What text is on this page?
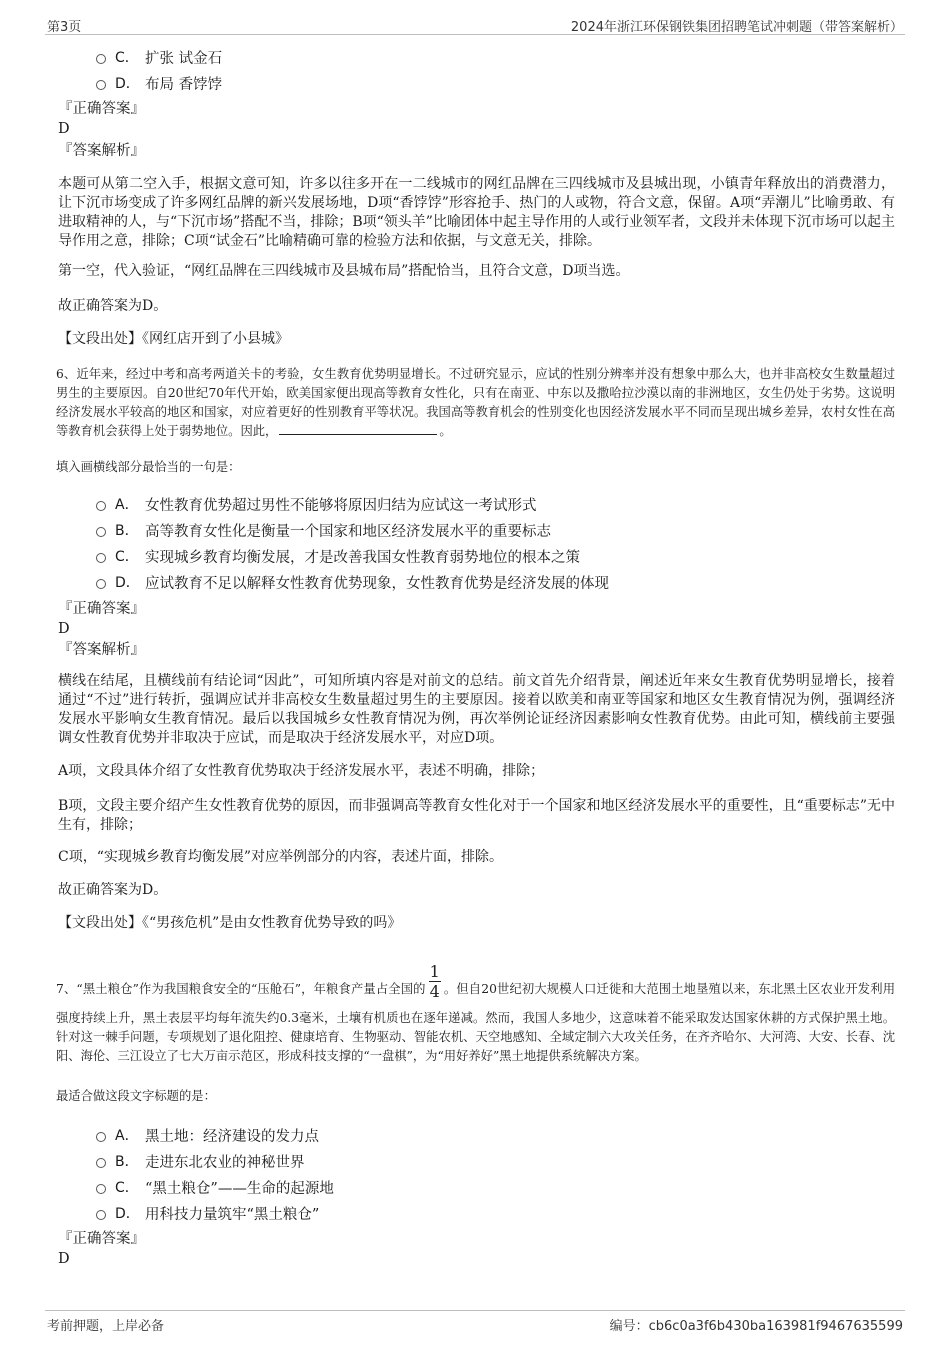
第3页	2024年浙江环保钢铁集团招聘笔试冲刺题（带答案解析）
C． 扩张 试金石
D． 布局 香饽饽
『正确答案』
D
『答案解析』
本题可从第二空入手，根据文意可知，许多以往多开在一二线城市的网红品牌在三四线城市及县城出现，小镇青年释放出的消费潜力，让下沉市场变成了许多网红品牌的新兴发展场地，D项“香饽饽”形容抢手、热门的人或物，符合文意，保留。A项“弄潮儿”比喻勇敢、有进取精神的人，与“下沉市场”搭配不当，排除；B项“领头羊”比喻团体中起主导作用的人或行业领军者，文段并未体现下沉市场可以起主导作用之意，排除；C项“试金石”比喻精确可靠的检验方法和依据，与文意无关，排除。
第一空，代入验证，“网红品牌在三四线城市及县城布局”搭配恰当，且符合文意，D项当选。
故正确答案为D。
【文段出处】《网红店开到了小县城》
6、近年来，经过中考和高考两道关卡的考验，女生教育优势明显增长。不过研究显示，应试的性别分辨率并没有想象中那么大，也并非高校女生数量超过男生的主要原因。自20世纪70年代开始，欧美国家便出现高等教育女性化，只有在南亚、中东以及撒哈拉沙漠以南的非洲地区，女生仍处于劣势。这说明经济发展水平较高的地区和国家，对应着更好的性别教育平等状况。我国高等教育机会的性别变化也因经济发展水平不同而呈现出城乡差异，农村女性在高等教育机会获得上处于弱势地位。因此，	。
填入画横线部分最恰当的一句是：
A． 女性教育优势超过男性不能够将原因归结为应试这一考试形式
B． 高等教育女性化是衡量一个国家和地区经济发展水平的重要标志
C． 实现城乡教育均衡发展，才是改善我国女性教育弱势地位的根本之策
D． 应试教育不足以解释女性教育优势现象，女性教育优势是经济发展的体现
『正确答案』
D
『答案解析』
横线在结尾，且横线前有结论词“因此”，可知所填内容是对前文的总结。前文首先介绍背景，阐述近年来女生教育优势明显增长，接着通过“不过”进行转折，强调应试并非高校女生数量超过男生的主要原因。接着以欧美和南亚等国家和地区女生教育情况为例，强调经济发展水平影响女生教育情况。最后以我国城乡女性教育情况为例，再次举例论证经济因素影响女性教育优势。由此可知，横线前主要强调女性教育优势并非取决于应试，而是取决于经济发展水平，对应D项。
A项，文段具体介绍了女性教育优势取决于经济发展水平，表述不明确，排除；
B项，文段主要介绍产生女性教育优势的原因，而非强调高等教育女性化对于一个国家和地区经济发展水平的重要性，且“重要标志”无中生有，排除；
C项，“实现城乡教育均衡发展”对应举例部分的内容，表述片面，排除。
故正确答案为D。
【文段出处】《“男孩危机”是由女性教育优势导致的吗》
7、“黑土粮仓”作为我国粮食安全的“压舱石”，年粮食产量占全国的 $\frac{1}{4}$ 。但自20世纪初大规模人口迁徙和大范围土地垦殖以来，东北黑土区农业开发利用强度持续上升，黑土表层平均每年流失约0.3毫米，土壤有机质也在逐年递减。然而，我国人多地少，这意味着不能采取发达国家休耕的方式保护黑土地。针对这一棘手问题，专项规划了退化阻控、健康培育、生物驱动、智能农机、天空地感知、全域定制六大攻关任务，在齐齐哈尔、大河湾、大安、长春、沈阳、海伦、三江设立了七大万亩示范区，形成科技支撑的“一盘棋”，为“用好养好”黑土地提供系统解决方案。
最适合做这段文字标题的是：
A． 黑土地：经济建设的发力点
B． 走进东北农业的神秘世界
C． “黑土粮仓”——生命的起源地
D． 用科技力量筑牢“黑土粮仓”
『正确答案』
D
考前押题，上岸必备	编号：cb6c0a3f6b430ba163981f9467635599
